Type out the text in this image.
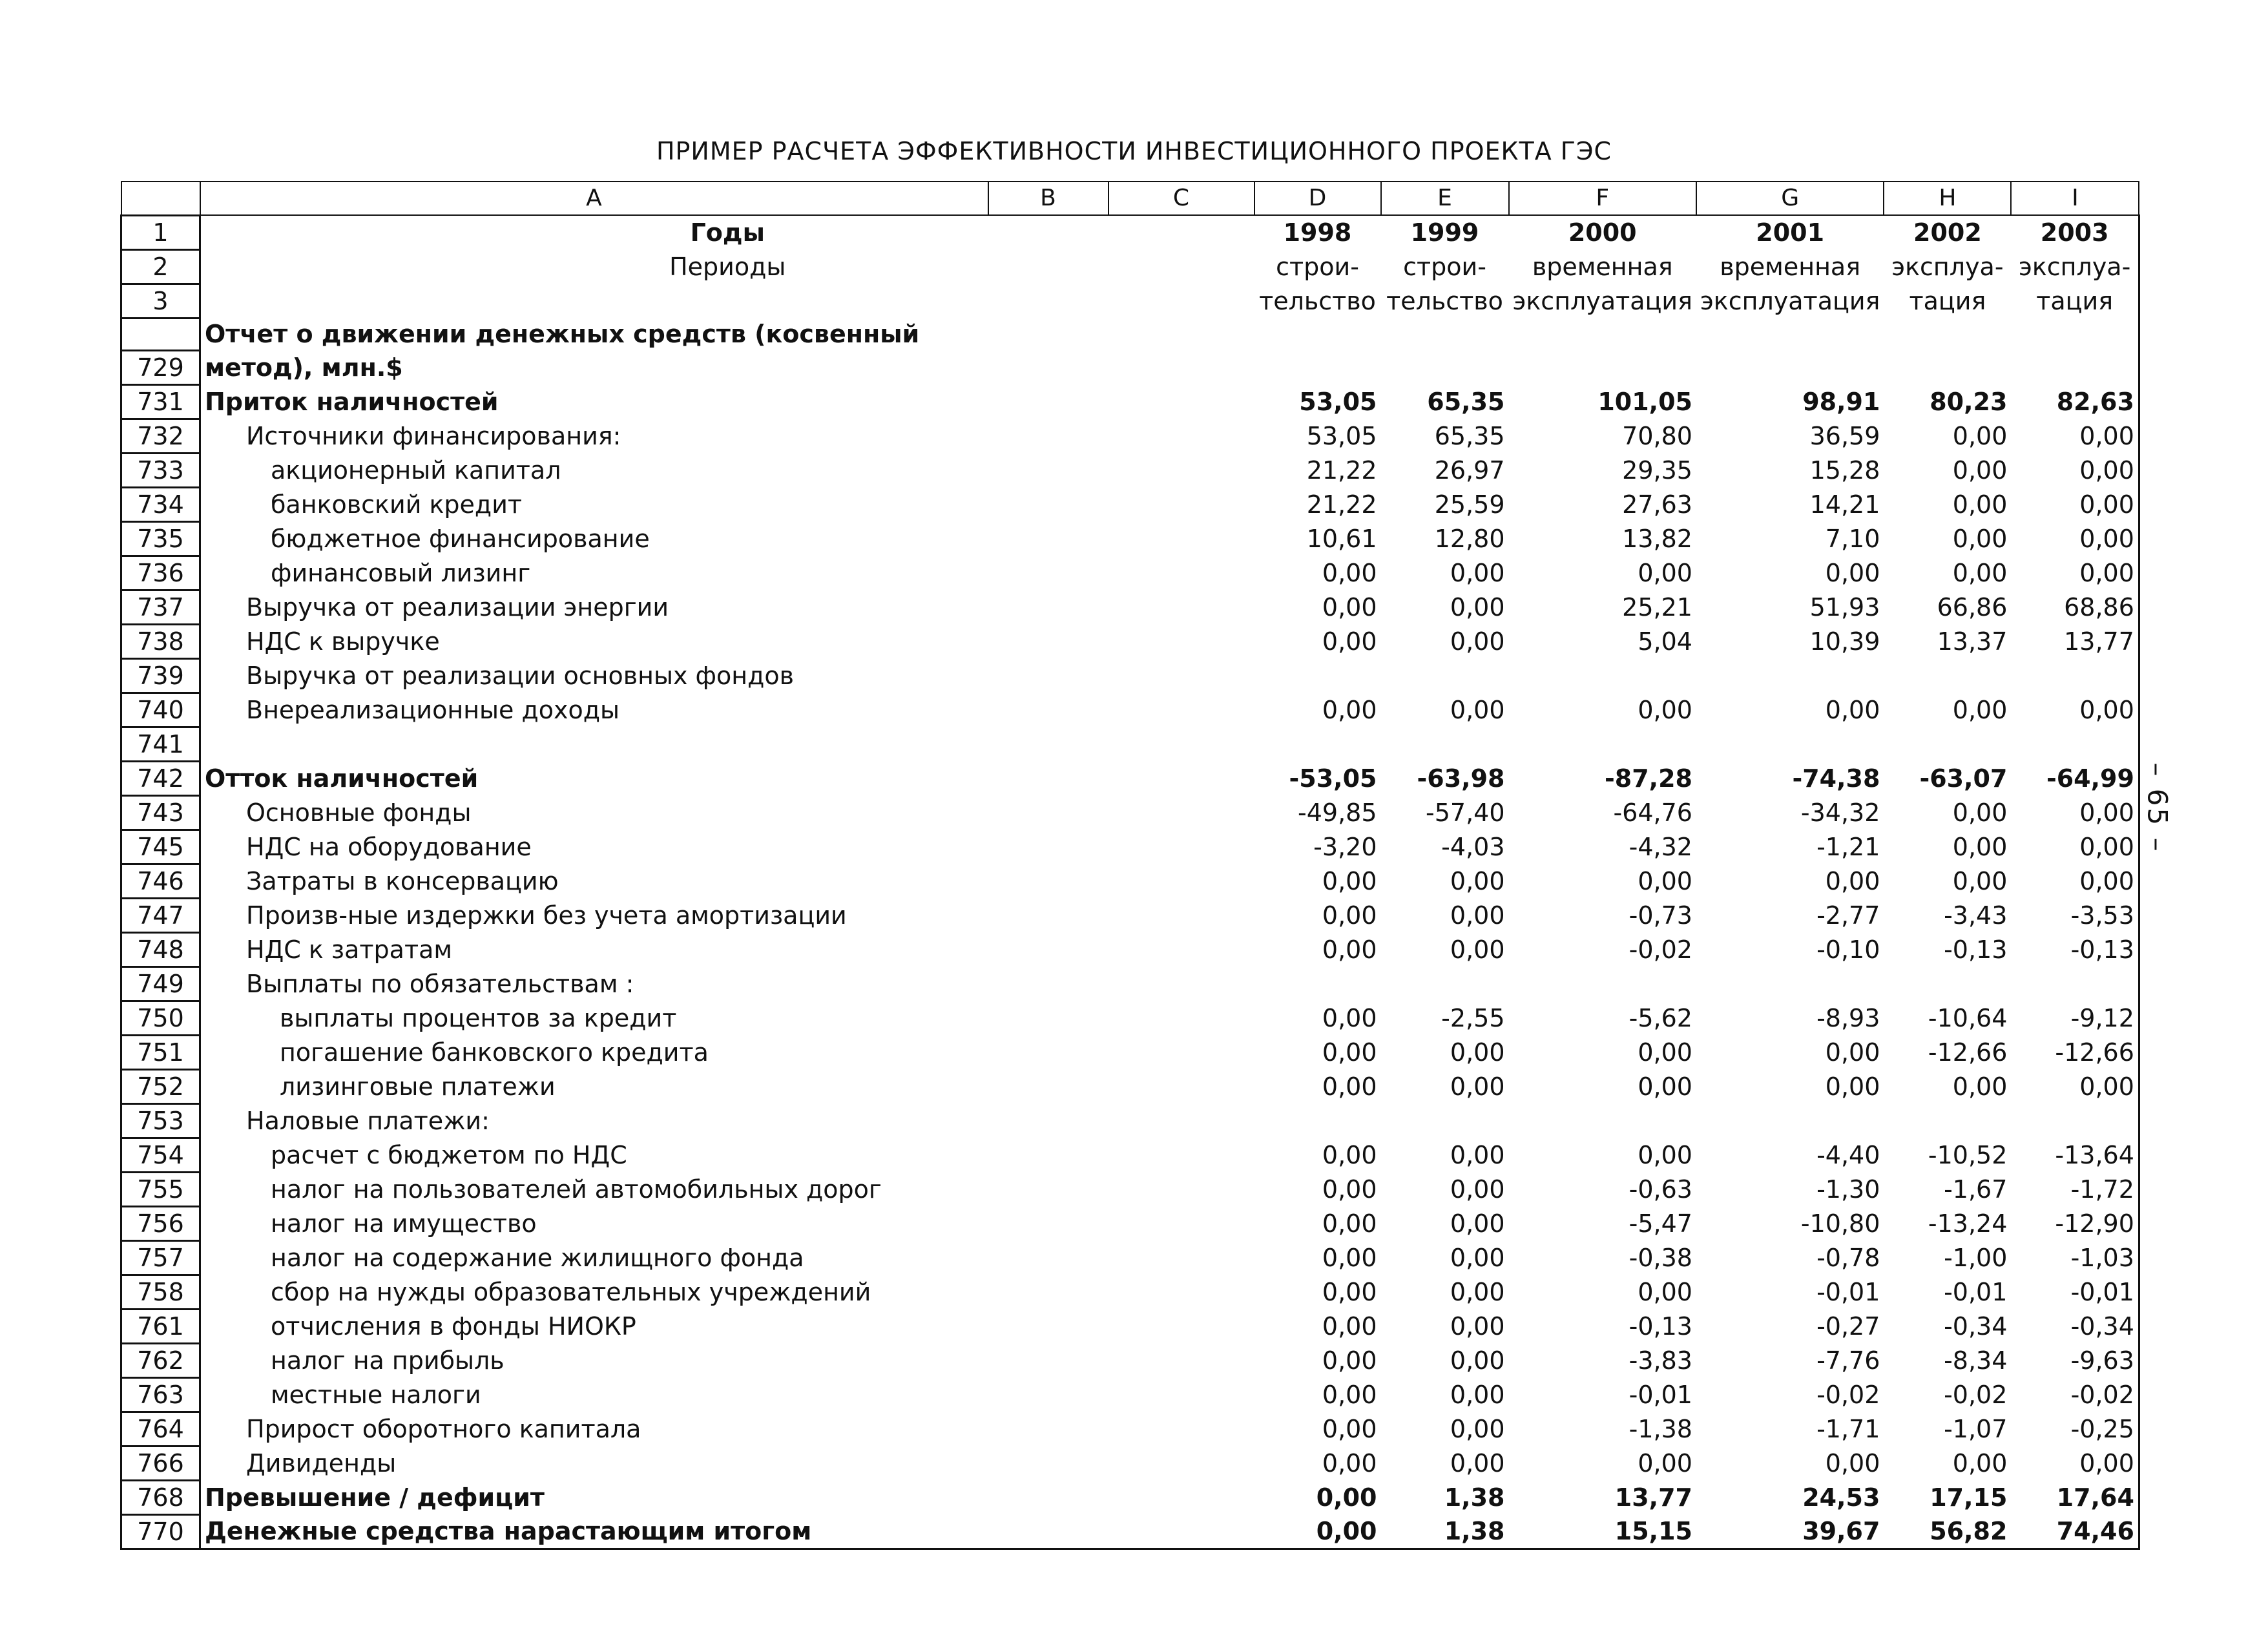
ПРИМЕР РАСЧЕТА ЭФФЕКТИВНОСТИ ИНВЕСТИЦИОННОГО ПРОЕКТА ГЭС
– 65 –
	A	B	C	D	E	F	G	H	I
1	Годы			1998	1999	2000	2001	2002	2003
2	Периоды			строи-	строи-	временная	временная	эксплуа-	эксплуа-
3				тельство	тельство	эксплуатация	эксплуатация	тация	тация
	Отчет о движении денежных средств (косвенный								
729	метод), млн.$								
731	Приток наличностей			53,05	65,35	101,05	98,91	80,23	82,63
732	Источники финансирования:			53,05	65,35	70,80	36,59	0,00	0,00
733	акционерный капитал			21,22	26,97	29,35	15,28	0,00	0,00
734	банковский кредит			21,22	25,59	27,63	14,21	0,00	0,00
735	бюджетное финансирование			10,61	12,80	13,82	7,10	0,00	0,00
736	финансовый лизинг			0,00	0,00	0,00	0,00	0,00	0,00
737	Выручка от реализации энергии			0,00	0,00	25,21	51,93	66,86	68,86
738	НДС к выручке			0,00	0,00	5,04	10,39	13,37	13,77
739	Выручка от реализации основных фондов								
740	Внереализационные доходы			0,00	0,00	0,00	0,00	0,00	0,00
741									
742	Отток наличностей			-53,05	-63,98	-87,28	-74,38	-63,07	-64,99
743	Основные фонды			-49,85	-57,40	-64,76	-34,32	0,00	0,00
745	НДС на оборудование			-3,20	-4,03	-4,32	-1,21	0,00	0,00
746	Затраты в консервацию			0,00	0,00	0,00	0,00	0,00	0,00
747	Произв-ные издержки без учета амортизации			0,00	0,00	-0,73	-2,77	-3,43	-3,53
748	НДС к затратам			0,00	0,00	-0,02	-0,10	-0,13	-0,13
749	Выплаты по обязательствам :								
750	выплаты процентов за кредит			0,00	-2,55	-5,62	-8,93	-10,64	-9,12
751	погашение банковского кредита			0,00	0,00	0,00	0,00	-12,66	-12,66
752	лизинговые платежи			0,00	0,00	0,00	0,00	0,00	0,00
753	Наловые платежи:								
754	расчет с бюджетом по НДС			0,00	0,00	0,00	-4,40	-10,52	-13,64
755	налог на пользователей автомобильных дорог			0,00	0,00	-0,63	-1,30	-1,67	-1,72
756	налог на имущество			0,00	0,00	-5,47	-10,80	-13,24	-12,90
757	налог на содержание жилищного фонда			0,00	0,00	-0,38	-0,78	-1,00	-1,03
758	сбор на нужды образовательных учреждений			0,00	0,00	0,00	-0,01	-0,01	-0,01
761	отчисления в фонды НИОКР			0,00	0,00	-0,13	-0,27	-0,34	-0,34
762	налог на прибыль			0,00	0,00	-3,83	-7,76	-8,34	-9,63
763	местные налоги			0,00	0,00	-0,01	-0,02	-0,02	-0,02
764	Прирост оборотного капитала			0,00	0,00	-1,38	-1,71	-1,07	-0,25
766	Дивиденды			0,00	0,00	0,00	0,00	0,00	0,00
768	Превышение / дефицит			0,00	1,38	13,77	24,53	17,15	17,64
770	Денежные средства нарастающим итогом			0,00	1,38	15,15	39,67	56,82	74,46
